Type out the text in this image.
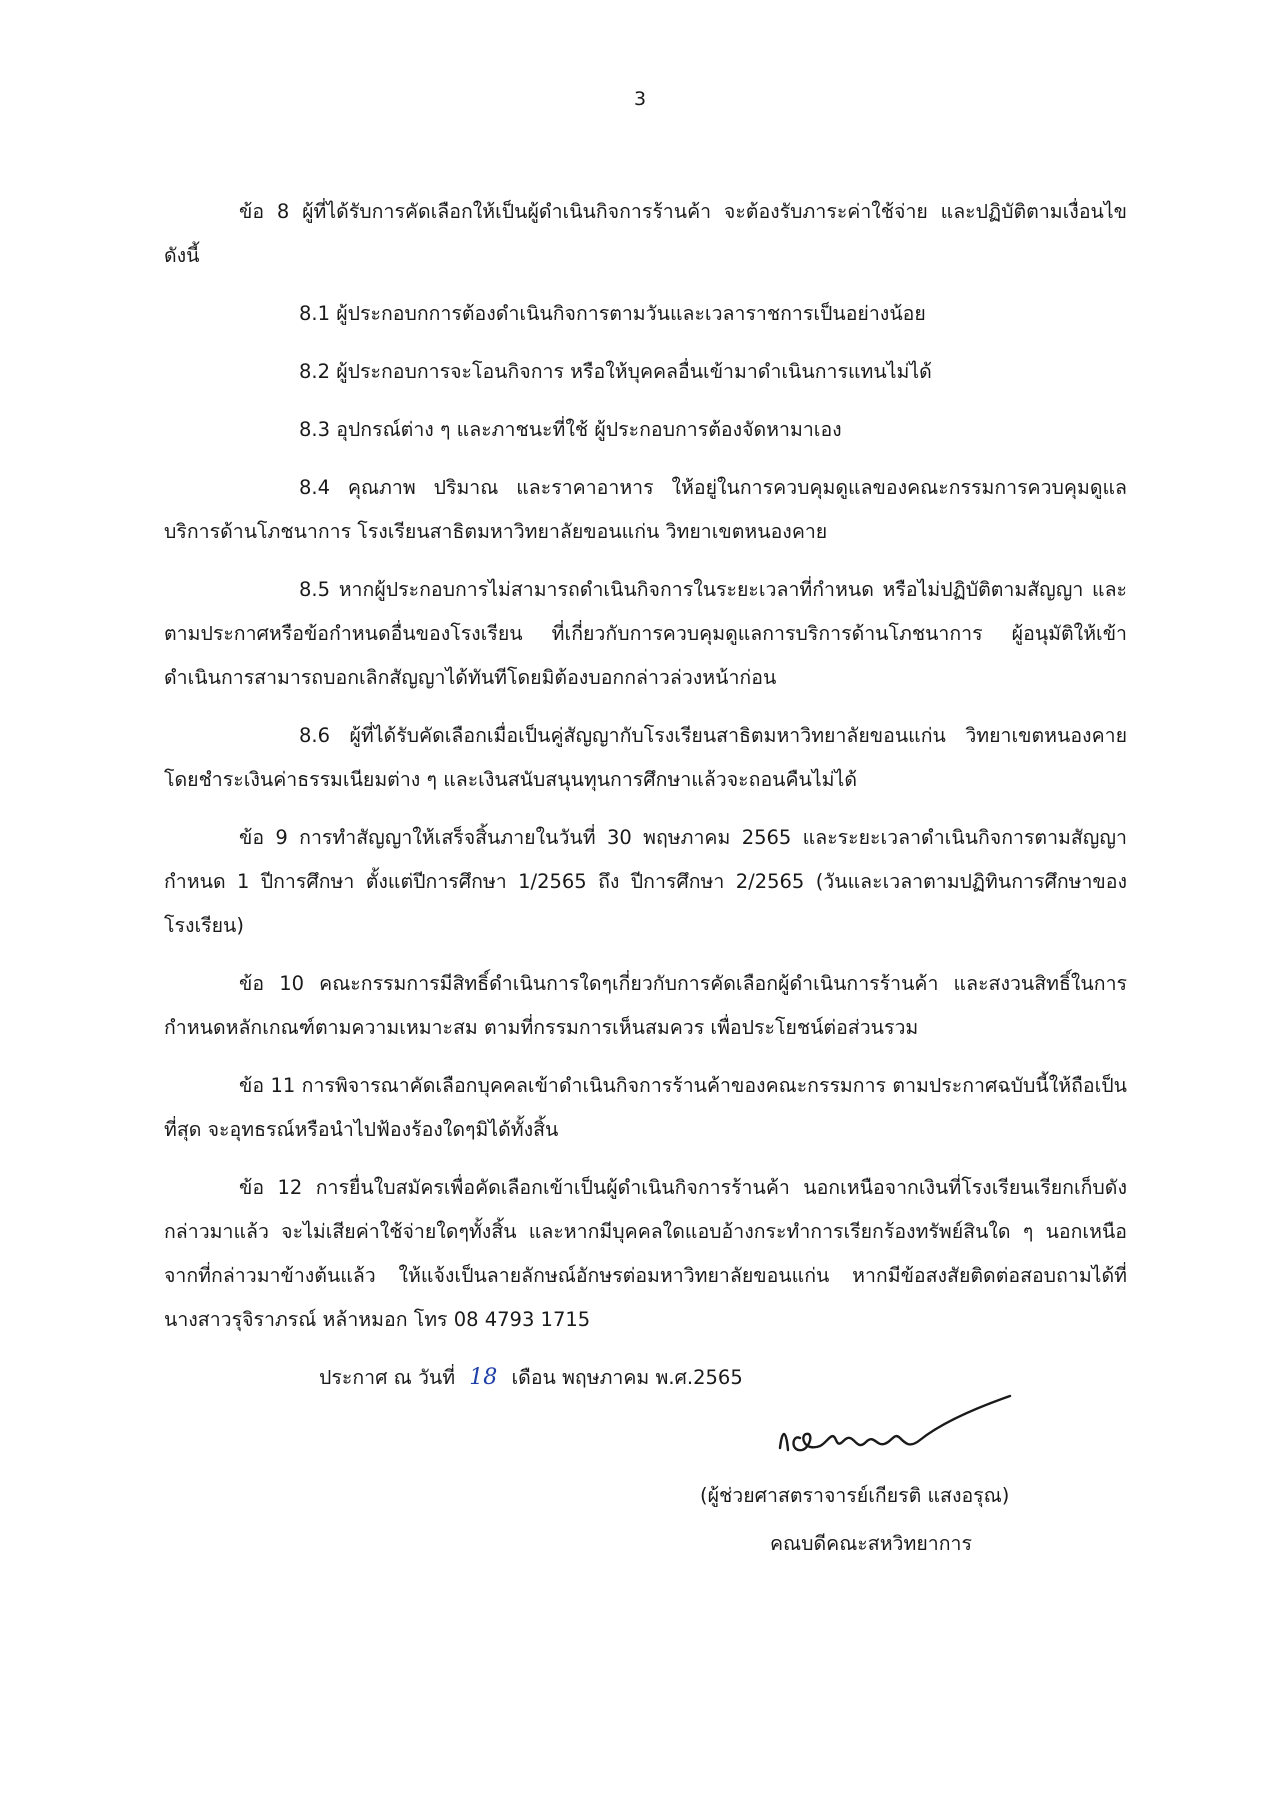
3

ข้อ 8 ผู้ที่ได้รับการคัดเลือกให้เป็นผู้ดำเนินกิจการร้านค้า จะต้องรับภาระค่าใช้จ่าย และปฏิบัติตามเงื่อนไข ดังนี้

8.1 ผู้ประกอบกการต้องดำเนินกิจการตามวันและเวลาราชการเป็นอย่างน้อย

8.2 ผู้ประกอบการจะโอนกิจการ หรือให้บุคคลอื่นเข้ามาดำเนินการแทนไม่ได้

8.3 อุปกรณ์ต่าง ๆ และภาชนะที่ใช้ ผู้ประกอบการต้องจัดหามาเอง

8.4 คุณภาพ ปริมาณ และราคาอาหาร ให้อยู่ในการควบคุมดูแลของคณะกรรมการควบคุมดูแลบริการด้านโภชนาการ โรงเรียนสาธิตมหาวิทยาลัยขอนแก่น วิทยาเขตหนองคาย

8.5 หากผู้ประกอบการไม่สามารถดำเนินกิจการในระยะเวลาที่กำหนด หรือไม่ปฏิบัติตามสัญญา และตามประกาศหรือข้อกำหนดอื่นของโรงเรียน ที่เกี่ยวกับการควบคุมดูแลการบริการด้านโภชนาการ ผู้อนุมัติให้เข้าดำเนินการสามารถบอกเลิกสัญญาได้ทันทีโดยมิต้องบอกกล่าวล่วงหน้าก่อน

8.6 ผู้ที่ได้รับคัดเลือกเมื่อเป็นคู่สัญญากับโรงเรียนสาธิตมหาวิทยาลัยขอนแก่น วิทยาเขตหนองคาย โดยชำระเงินค่าธรรมเนียมต่าง ๆ และเงินสนับสนุนทุนการศึกษาแล้วจะถอนคืนไม่ได้

ข้อ 9 การทำสัญญาให้เสร็จสิ้นภายในวันที่ 30 พฤษภาคม 2565 และระยะเวลาดำเนินกิจการตามสัญญา กำหนด 1 ปีการศึกษา ตั้งแต่ปีการศึกษา 1/2565 ถึง ปีการศึกษา 2/2565 (วันและเวลาตามปฏิทินการศึกษาของโรงเรียน)

ข้อ 10 คณะกรรมการมีสิทธิ์ดำเนินการใดๆเกี่ยวกับการคัดเลือกผู้ดำเนินการร้านค้า และสงวนสิทธิ์ในการกำหนดหลักเกณฑ์ตามความเหมาะสม ตามที่กรรมการเห็นสมควร เพื่อประโยชน์ต่อส่วนรวม

ข้อ 11 การพิจารณาคัดเลือกบุคคลเข้าดำเนินกิจการร้านค้าของคณะกรรมการ ตามประกาศฉบับนี้ให้ถือเป็นที่สุด จะอุทธรณ์หรือนำไปฟ้องร้องใดๆมิได้ทั้งสิ้น

ข้อ 12 การยื่นใบสมัครเพื่อคัดเลือกเข้าเป็นผู้ดำเนินกิจการร้านค้า นอกเหนือจากเงินที่โรงเรียนเรียกเก็บดังกล่าวมาแล้ว จะไม่เสียค่าใช้จ่ายใดๆทั้งสิ้น และหากมีบุคคลใดแอบอ้างกระทำการเรียกร้องทรัพย์สินใด ๆ นอกเหนือจากที่กล่าวมาข้างต้นแล้ว ให้แจ้งเป็นลายลักษณ์อักษรต่อมหาวิทยาลัยขอนแก่น หากมีข้อสงสัยติดต่อสอบถามได้ที่ นางสาวรุจิราภรณ์ หล้าหมอก โทร 08 4793 1715

ประกาศ ณ วันที่ 18 เดือน พฤษภาคม พ.ศ.2565

(ผู้ช่วยศาสตราจารย์เกียรติ แสงอรุณ)
คณบดีคณะสหวิทยาการ
